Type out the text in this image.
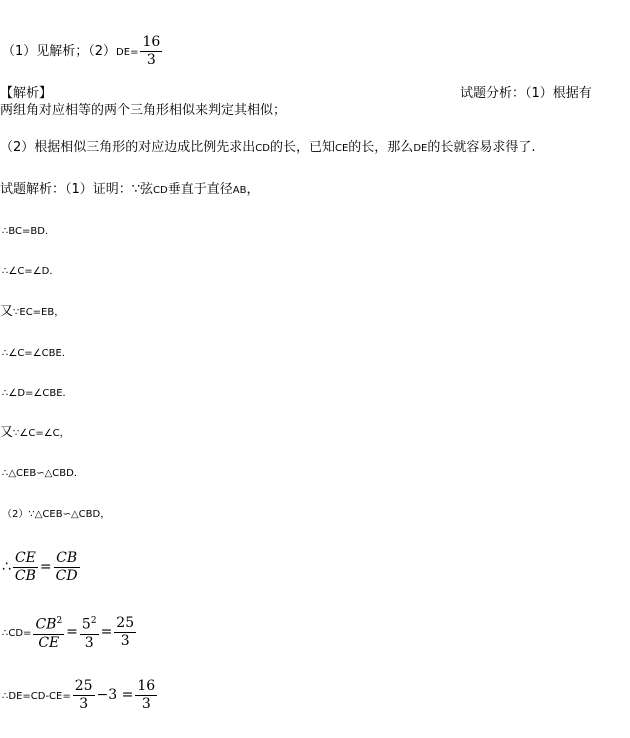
（1）见解析；$(2)DE= \frac{16}{3}$
【解析】	试题分析：（1）根据有
两组角对应相等的两个三角形相似来判定其相似；
（2）根据相似三角形的对应边成比例先求出CD的长，已知CE的长，那么DE的长就容易求得了.
试题解析：（1）证明：∵弦CD垂直于直径AB，
∴BC=BD．
∴∠C=∠D．
又∵EC=EB，
∴∠C=∠CBE．
∴∠D=∠CBE．
又∵∠C=∠C，
∴△CEB∽△CBD．
（2）∵△CEB∽△CBD，
∴ $\frac{CE}{CB} = \frac{CB}{CD}$
∴CD= $\frac{CB^2}{CE} = \frac{5^2}{3} = \frac{25}{3}$
∴DE=CD-CE= $\frac{25}{3} -3 = \frac{16}{3}$
